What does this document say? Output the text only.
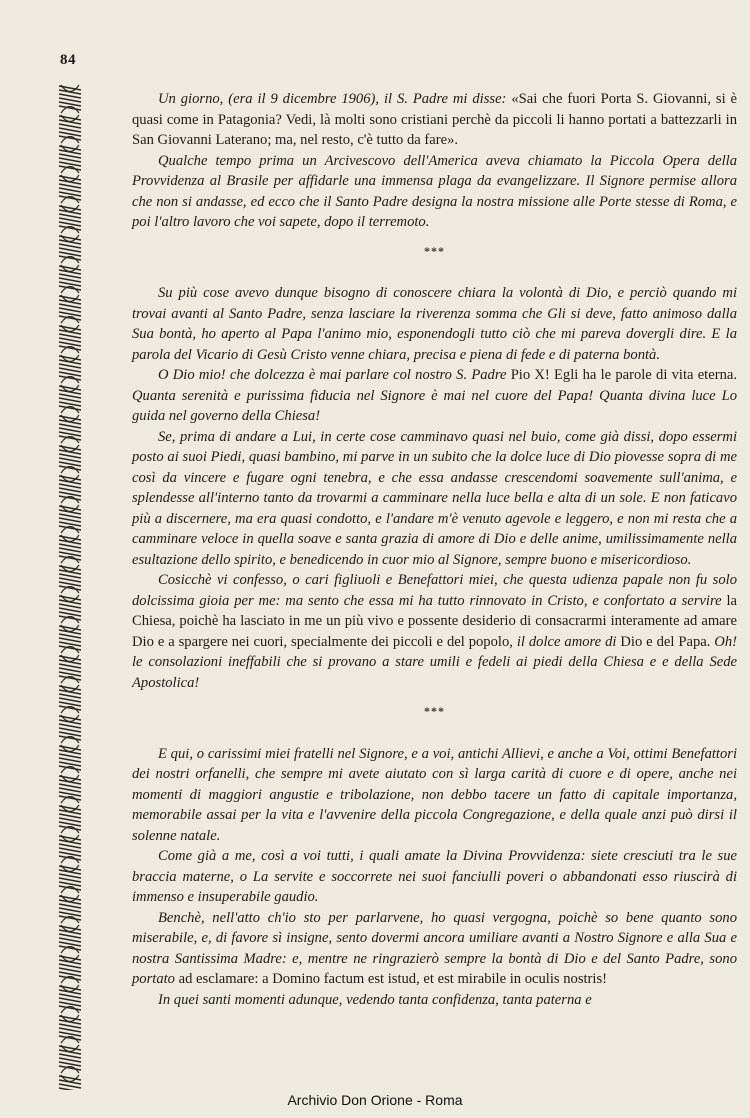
84

Un giorno, (era il 9 dicembre 1906), il S. Padre mi disse: «Sai che fuori Porta S. Giovanni, si è quasi come in Patagonia? Vedi, là molti sono cristiani perchè da piccoli li hanno portati a battezzarli in San Giovanni Laterano; ma, nel resto, c'è tutto da fare».

Qualche tempo prima un Arcivescovo dell'America aveva chiamato la Piccola Opera della Provvidenza al Brasile per affidarle una immensa plaga da evangelizzare. Il Signore permise allora che non si andasse, ed ecco che il Santo Padre designa la nostra missione alle Porte stesse di Roma, e poi l'altro lavoro che voi sapete, dopo il terremoto.

***

Su più cose avevo dunque bisogno di conoscere chiara la volontà di Dio, e perciò quando mi trovai avanti al Santo Padre, senza lasciare la riverenza somma che Gli si deve, fatto animoso dalla Sua bontà, ho aperto al Papa l'animo mio, esponendogli tutto ciò che mi pareva dovergli dire. E la parola del Vicario di Gesù Cristo venne chiara, precisa e piena di fede e di paterna bontà.

O Dio mio! che dolcezza è mai parlare col nostro S. Padre Pio X! Egli ha le parole di vita eterna. Quanta serenità e purissima fiducia nel Signore è mai nel cuore del Papa! Quanta divina luce Lo guida nel governo della Chiesa!

Se, prima di andare a Lui, in certe cose camminavo quasi nel buio, come già dissi, dopo essermi posto ai suoi Piedi, quasi bambino, mi parve in un subito che la dolce luce di Dio piovesse sopra di me così da vincere e fugare ogni tenebra, e che essa andasse crescendomi soavemente sull'anima, e splendesse all'interno tanto da trovarmi a camminare nella luce bella e alta di un sole. E non faticavo più a discernere, ma era quasi condotto, e l'andare m'è venuto agevole e leggero, e non mi resta che a camminare veloce in quella soave e santa grazia di amore di Dio e delle anime, umilissimamente nella esultazione dello spirito, e benedicendo in cuor mio al Signore, sempre buono e misericordioso.

Cosicchè vi confesso, o cari figliuoli e Benefattori miei, che questa udienza papale non fu solo dolcissima gioia per me: ma sento che essa mi ha tutto rinnovato in Cristo, e confortato a servire la Chiesa, poichè ha lasciato in me un più vivo e possente desiderio di consacrarmi interamente ad amare Dio e a spargere nei cuori, specialmente dei piccoli e del popolo, il dolce amore di Dio e del Papa. Oh! le consolazioni ineffabili che si provano a stare umili e fedeli ai piedi della Chiesa e e della Sede Apostolica!

***

E qui, o carissimi miei fratelli nel Signore, e a voi, antichi Allievi, e anche a Voi, ottimi Benefattori dei nostri orfanelli, che sempre mi avete aiutato con sì larga carità di cuore e di opere, anche nei momenti di maggiori angustie e tribolazione, non debbo tacere un fatto di capitale importanza, memorabile assai per la vita e l'avvenire della piccola Congregazione, e della quale anzi può dirsi il solenne natale.

Come già a me, così a voi tutti, i quali amate la Divina Provvidenza: siete cresciuti tra le sue braccia materne, o La servite e soccorrete nei suoi fanciulli poveri o abbandonati esso riuscirà di immenso e insuperabile gaudio.

Benchè, nell'atto ch'io sto per parlarvene, ho quasi vergogna, poichè so bene quanto sono miserabile, e, di favore sì insigne, sento dovermi ancora umiliare avanti a Nostro Signore e alla Sua e nostra Santissima Madre: e, mentre ne ringrazierò sempre la bontà di Dio e del Santo Padre, sono portato ad esclamare: a Domino factum est istud, et est mirabile in oculis nostris!

In quei santi momenti adunque, vedendo tanta confidenza, tanta paterna e

Archivio Don Orione - Roma
